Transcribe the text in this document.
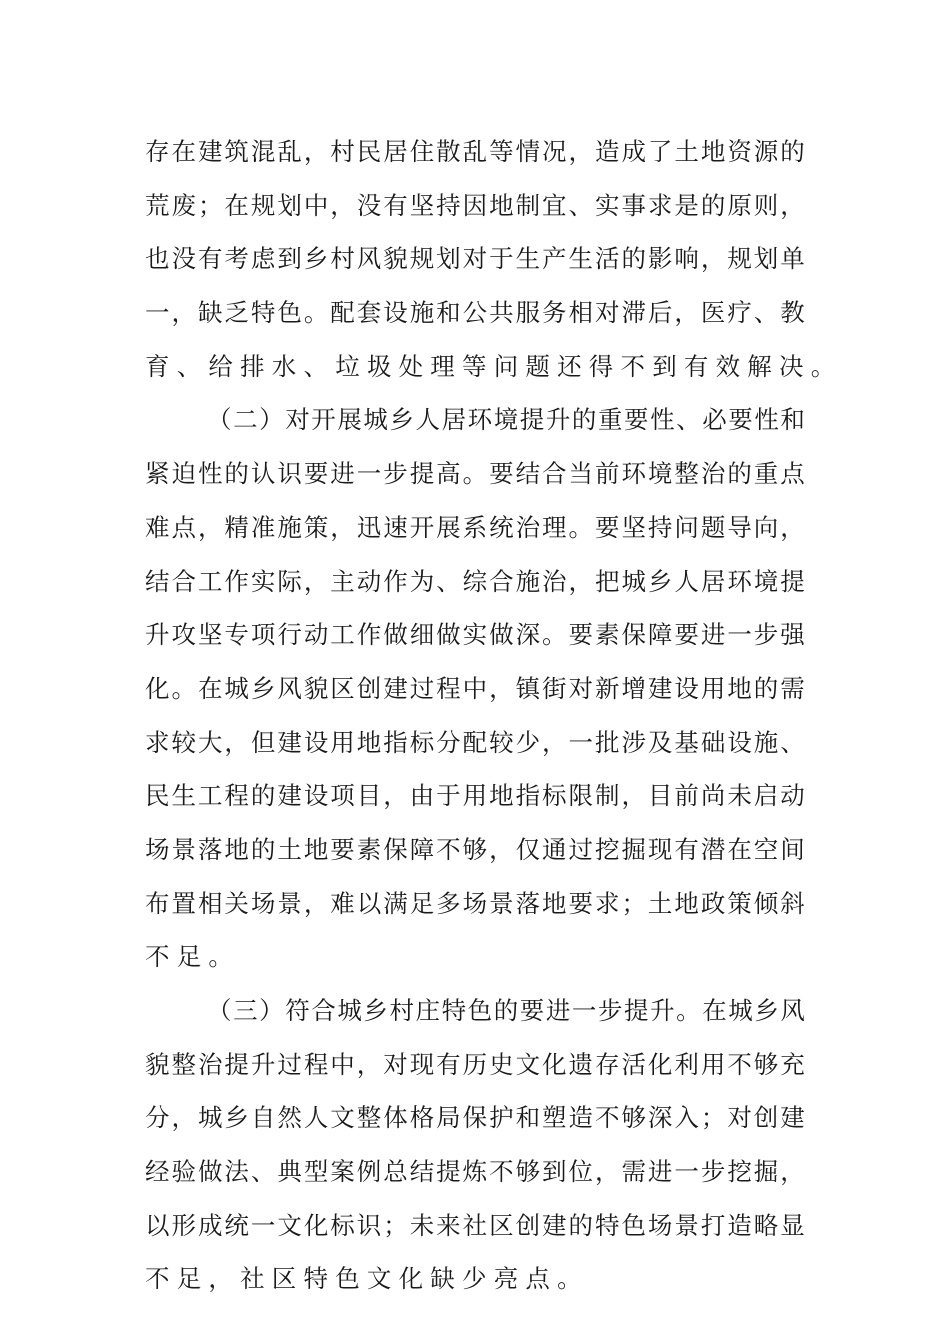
存 在 建 筑 混 乱 ， 村 民 居 住 散 乱 等 情 况 ， 造 成 了 土 地 资 源 的
荒 废 ； 在 规 划 中 ， 没 有 坚 持 因 地 制 宜 、 实 事 求 是 的 原 则 ，
也 没 有 考 虑 到 乡 村 风 貌 规 划 对 于 生 产 生 活 的 影 响 ， 规 划 单
一 ， 缺 乏 特 色 。 配 套 设 施 和 公 共 服 务 相 对 滞 后 ， 医 疗 、 教
育、给排水、垃圾处理等问题还得不到有效解决。
（ 二 ） 对 开 展 城 乡 人 居 环 境 提 升 的 重 要 性 、 必 要 性 和
紧 迫 性 的 认 识 要 进 一 步 提 高 。 要 结 合 当 前 环 境 整 治 的 重 点
难 点 ， 精 准 施 策 ， 迅 速 开 展 系 统 治 理 。 要 坚 持 问 题 导 向 ，
结 合 工 作 实 际 ， 主 动 作 为 、 综 合 施 治 ， 把 城 乡 人 居 环 境 提
升 攻 坚 专 项 行 动 工 作 做 细 做 实 做 深 。 要 素 保 障 要 进 一 步 强
化 。 在 城 乡 风 貌 区 创 建 过 程 中 ， 镇 街 对 新 增 建 设 用 地 的 需
求 较 大 ， 但 建 设 用 地 指 标 分 配 较 少 ， 一 批 涉 及 基 础 设 施 、
民 生 工 程 的 建 设 项 目 ， 由 于 用 地 指 标 限 制 ， 目 前 尚 未 启 动
场 景 落 地 的 土 地 要 素 保 障 不 够 ， 仅 通 过 挖 掘 现 有 潜 在 空 间
布 置 相 关 场 景 ， 难 以 满 足 多 场 景 落 地 要 求 ； 土 地 政 策 倾 斜
不足。
（ 三 ） 符 合 城 乡 村 庄 特 色 的 要 进 一 步 提 升 。 在 城 乡 风
貌 整 治 提 升 过 程 中 ， 对 现 有 历 史 文 化 遗 存 活 化 利 用 不 够 充
分 ， 城 乡 自 然 人 文 整 体 格 局 保 护 和 塑 造 不 够 深 入 ； 对 创 建
经 验 做 法 、 典 型 案 例 总 结 提 炼 不 够 到 位 ， 需 进 一 步 挖 掘 ，
以 形 成 统 一 文 化 标 识 ； 未 来 社 区 创 建 的 特 色 场 景 打 造 略 显
不足，社区特色文化缺少亮点。
